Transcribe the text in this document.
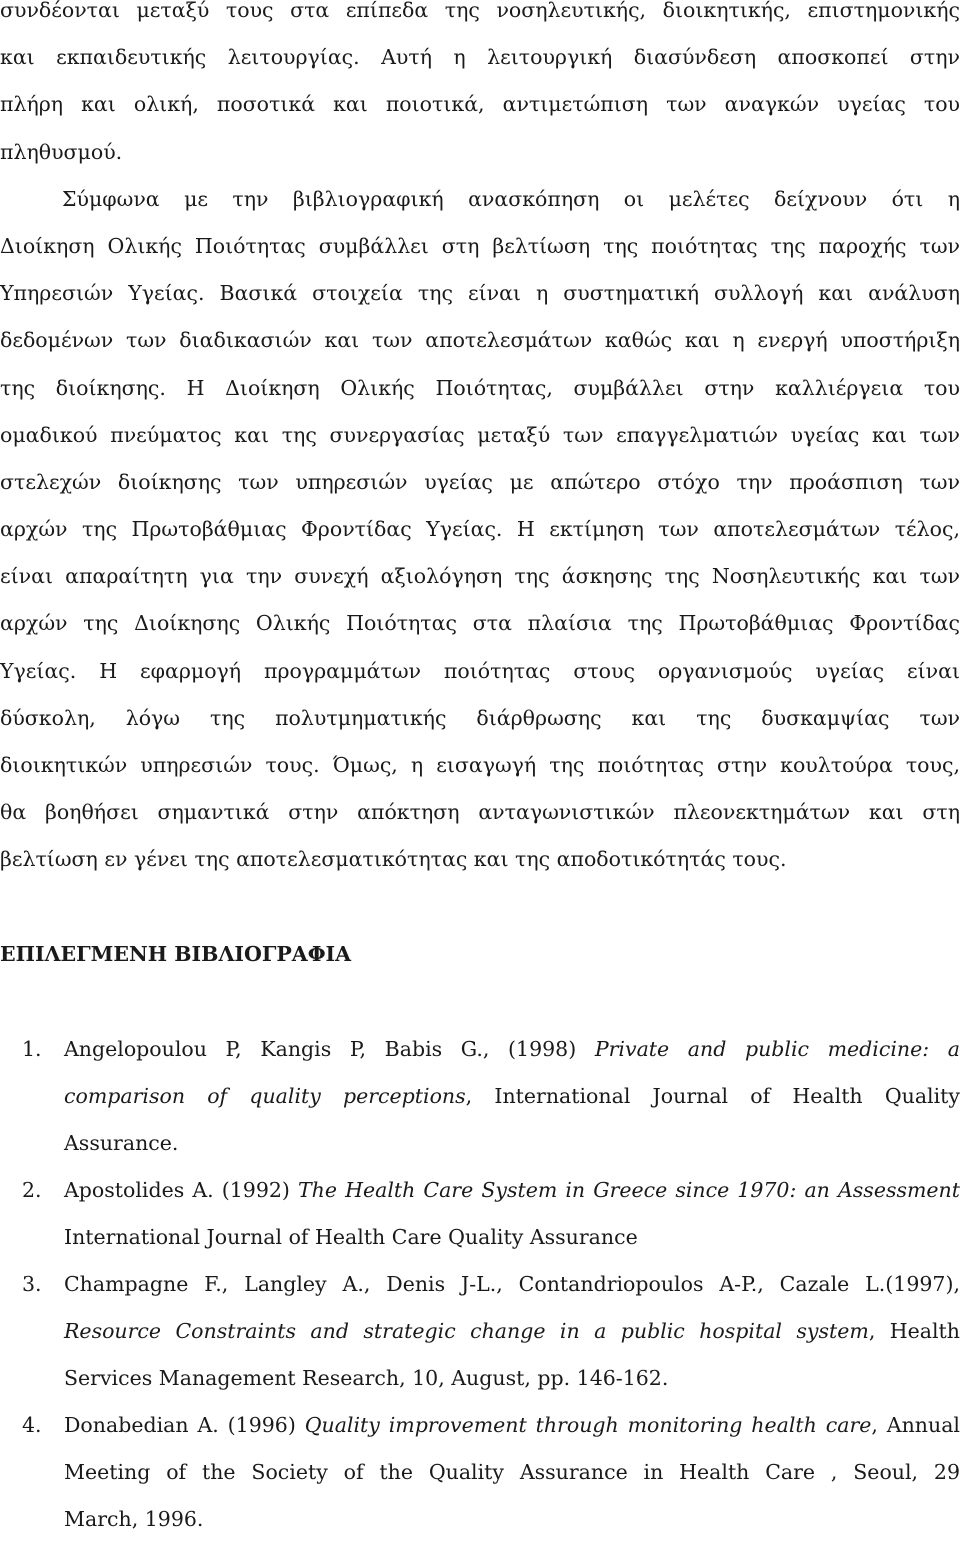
συνδέονται μεταξύ τους στα επίπεδα της νοσηλευτικής, διοικητικής, επιστημονικής
και εκπαιδευτικής λειτουργίας. Αυτή η λειτουργική διασύνδεση αποσκοπεί στην
πλήρη και ολική, ποσοτικά και ποιοτικά, αντιμετώπιση των αναγκών υγείας του
πληθυσμού.
Σύμφωνα με την βιβλιογραφική ανασκόπηση οι μελέτες δείχνουν ότι η
Διοίκηση Ολικής Ποιότητας συμβάλλει στη βελτίωση της ποιότητας της παροχής των
Υπηρεσιών Υγείας. Βασικά στοιχεία της είναι η συστηματική συλλογή και ανάλυση
δεδομένων των διαδικασιών και των αποτελεσμάτων καθώς και η ενεργή υποστήριξη
της διοίκησης. Η Διοίκηση Ολικής Ποιότητας, συμβάλλει στην καλλιέργεια του
ομαδικού πνεύματος και της συνεργασίας μεταξύ των επαγγελματιών υγείας και των
στελεχών διοίκησης των υπηρεσιών υγείας με απώτερο στόχο την προάσπιση των
αρχών της Πρωτοβάθμιας Φροντίδας Υγείας. Η εκτίμηση των αποτελεσμάτων τέλος,
είναι απαραίτητη για την συνεχή αξιολόγηση της άσκησης της Νοσηλευτικής και των
αρχών της Διοίκησης Ολικής Ποιότητας στα πλαίσια της Πρωτοβάθμιας Φροντίδας
Υγείας. Η εφαρμογή προγραμμάτων ποιότητας στους οργανισμούς υγείας είναι
δύσκολη, λόγω της πολυτμηματικής διάρθρωσης και της δυσκαμψίας των
διοικητικών υπηρεσιών τους. Όμως, η εισαγωγή της ποιότητας στην κουλτούρα τους,
θα βοηθήσει σημαντικά στην απόκτηση ανταγωνιστικών πλεονεκτημάτων και στη
βελτίωση εν γένει της αποτελεσματικότητας και της αποδοτικότητάς τους.
ΕΠΙΛΕΓΜΕΝΗ ΒΙΒΛΙΟΓΡΑΦΙΑ
1.	Angelopoulou P, Kangis P, Babis G., (1998) Private and public medicine: a
comparison of quality perceptions, International Journal of Health Quality
Assurance.
2.	Apostolides A. (1992) The Health Care System in Greece since 1970: an Assessment
International Journal of Health Care Quality Assurance
3.	Champagne F., Langley A., Denis J-L., Contandriopoulos A-P., Cazale L.(1997),
Resource Constraints and strategic change in a public hospital system, Health
Services Management Research, 10, August, pp. 146-162.
4.	Donabedian A. (1996) Quality improvement through monitoring health care, Annual
Meeting of the Society of the Quality Assurance in Health Care , Seoul, 29
March, 1996.
